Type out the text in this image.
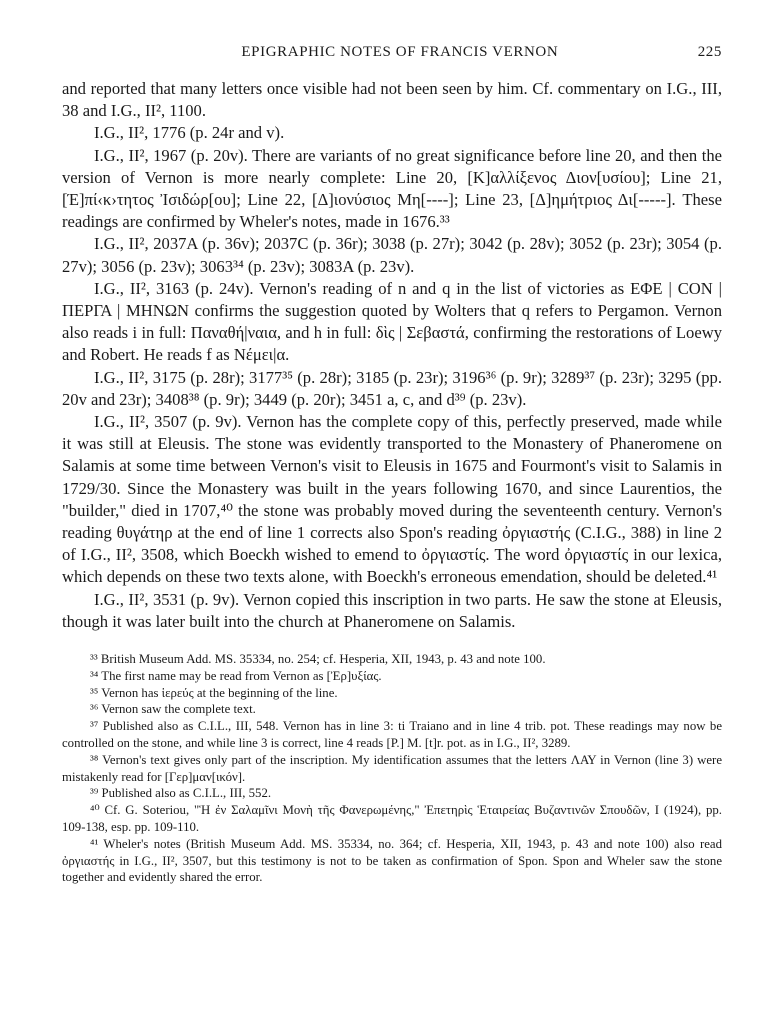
EPIGRAPHIC NOTES OF FRANCIS VERNON	225

and reported that many letters once visible had not been seen by him. Cf. commentary on I.G., III, 38 and I.G., II², 1100.

I.G., II², 1776 (p. 24r and v).

I.G., II², 1967 (p. 20v). There are variants of no great significance before line 20, and then the version of Vernon is more nearly complete: Line 20, [Κ]αλλίξενος Διον[υσίου]; Line 21, [Έ]πί‹κ›τητος Ἰσιδώρ[ου]; Line 22, [Δ]ιονύσιος Μη[----]; Line 23, [Δ]ημήτριος Δι[-----]. These readings are confirmed by Wheler's notes, made in 1676.³³

I.G., II², 2037A (p. 36v); 2037C (p. 36r); 3038 (p. 27r); 3042 (p. 28v); 3052 (p. 23r); 3054 (p. 27v); 3056 (p. 23v); 3063³⁴ (p. 23v); 3083A (p. 23v).

I.G., II², 3163 (p. 24v). Vernon's reading of n and q in the list of victories as ΕΦΕ | CON | ΠΕΡΓΑ | ΜΗΝΩΝ confirms the suggestion quoted by Wolters that q refers to Pergamon. Vernon also reads i in full: Παναθή|ναια, and h in full: δὶς | Σεβαστά, confirming the restorations of Loewy and Robert. He reads f as Νέμει|α.

I.G., II², 3175 (p. 28r); 3177³⁵ (p. 28r); 3185 (p. 23r); 3196³⁶ (p. 9r); 3289³⁷ (p. 23r); 3295 (pp. 20v and 23r); 3408³⁸ (p. 9r); 3449 (p. 20r); 3451 a, c, and d³⁹ (p. 23v).

I.G., II², 3507 (p. 9v). Vernon has the complete copy of this, perfectly preserved, made while it was still at Eleusis. The stone was evidently transported to the Monastery of Phaneromene on Salamis at some time between Vernon's visit to Eleusis in 1675 and Fourmont's visit to Salamis in 1729/30. Since the Monastery was built in the years following 1670, and since Laurentios, the "builder," died in 1707,⁴⁰ the stone was probably moved during the seventeenth century. Vernon's reading θυγάτηρ at the end of line 1 corrects also Spon's reading ὀργιαστής (C.I.G., 388) in line 2 of I.G., II², 3508, which Boeckh wished to emend to ὀργιαστίς. The word ὀργιαστίς in our lexica, which depends on these two texts alone, with Boeckh's erroneous emendation, should be deleted.⁴¹

I.G., II², 3531 (p. 9v). Vernon copied this inscription in two parts. He saw the stone at Eleusis, though it was later built into the church at Phaneromene on Salamis.

³³ British Museum Add. MS. 35334, no. 254; cf. Hesperia, XII, 1943, p. 43 and note 100.

³⁴ The first name may be read from Vernon as [Ἐρ]υξίας.

³⁵ Vernon has ἱερεύς at the beginning of the line.

³⁶ Vernon saw the complete text.

³⁷ Published also as C.I.L., III, 548. Vernon has in line 3: ti Traiano and in line 4 trib. pot. These readings may now be controlled on the stone, and while line 3 is correct, line 4 reads [P.] M. [t]r. pot. as in I.G., II², 3289.

³⁸ Vernon's text gives only part of the inscription. My identification assumes that the letters ΛΑΥ in Vernon (line 3) were mistakenly read for [Γερ]μαν[ικόν].

³⁹ Published also as C.I.L., III, 552.

⁴⁰ Cf. G. Soteriou, "Ἡ ἐν Σαλαμῖνι Μονὴ τῆς Φανερωμένης," Ἐπετηρὶς Ἑταιρείας Βυζαντινῶν Σπουδῶν, I (1924), pp. 109-138, esp. pp. 109-110.

⁴¹ Wheler's notes (British Museum Add. MS. 35334, no. 364; cf. Hesperia, XII, 1943, p. 43 and note 100) also read ὀργιαστής in I.G., II², 3507, but this testimony is not to be taken as confirmation of Spon. Spon and Wheler saw the stone together and evidently shared the error.
